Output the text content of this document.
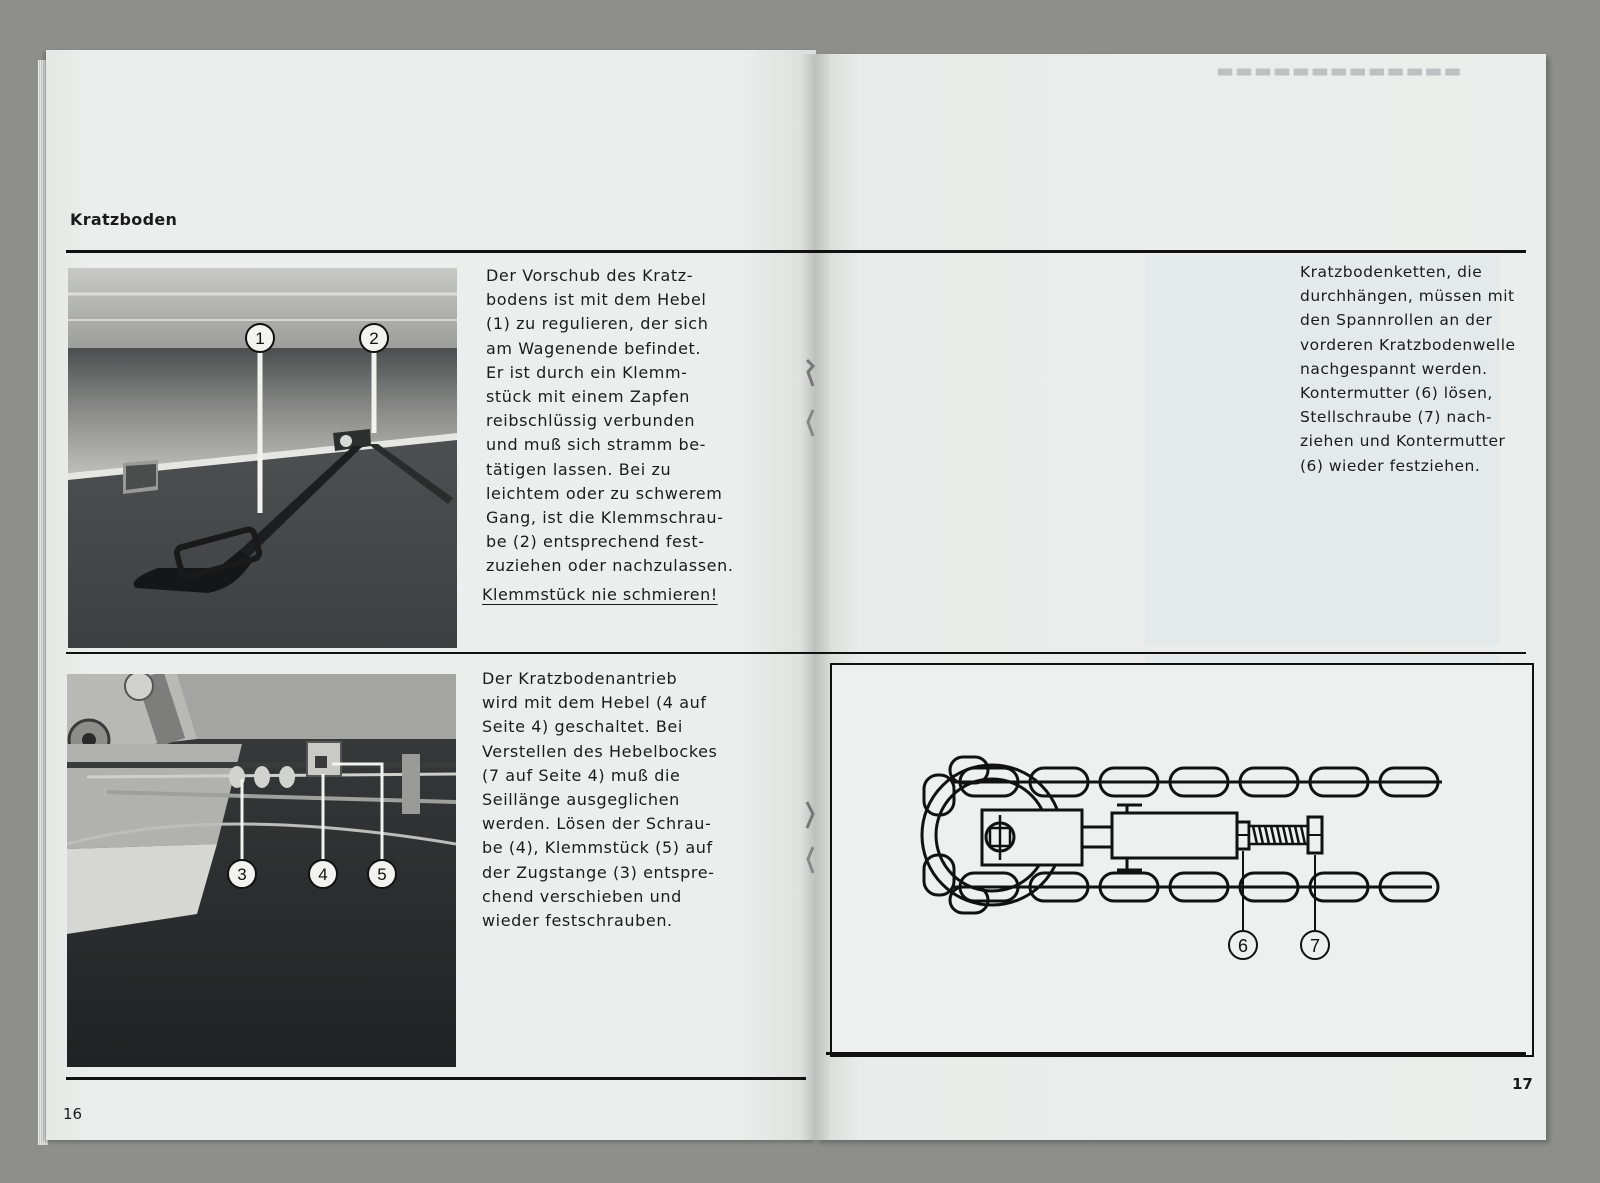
▬▬▬▬▬▬▬▬▬▬▬▬▬
Kratzboden
1	2

Der Vorschub des Kratz-
bodens ist mit dem Hebel
(1) zu regulieren, der sich
am Wagenende befindet.
Er ist durch ein Klemm-
stück mit einem Zapfen
reibschlüssig verbunden
und muß sich stramm be-
tätigen lassen. Bei zu
leichtem oder zu schwerem
Gang, ist die Klemmschrau-
be (2) entsprechend fest-
zuziehen oder nachzulassen.

Klemmstück nie schmieren!

3	4	5

Der Kratzbodenantrieb
wird mit dem Hebel (4 auf
Seite 4) geschaltet. Bei
Verstellen des Hebelbockes
(7 auf Seite 4) muß die
Seillänge ausgeglichen
werden. Lösen der Schrau-
be (4), Klemmstück (5) auf
der Zugstange (3) entspre-
chend verschieben und
wieder festschrauben.

Kratzbodenketten, die
durchhängen, müssen mit
den Spannrollen an der
vorderen Kratzbodenwelle
nachgespannt werden.
Kontermutter (6) lösen,
Stellschraube (7) nach-
ziehen und Kontermutter
(6) wieder festziehen.

6	7

16

17
